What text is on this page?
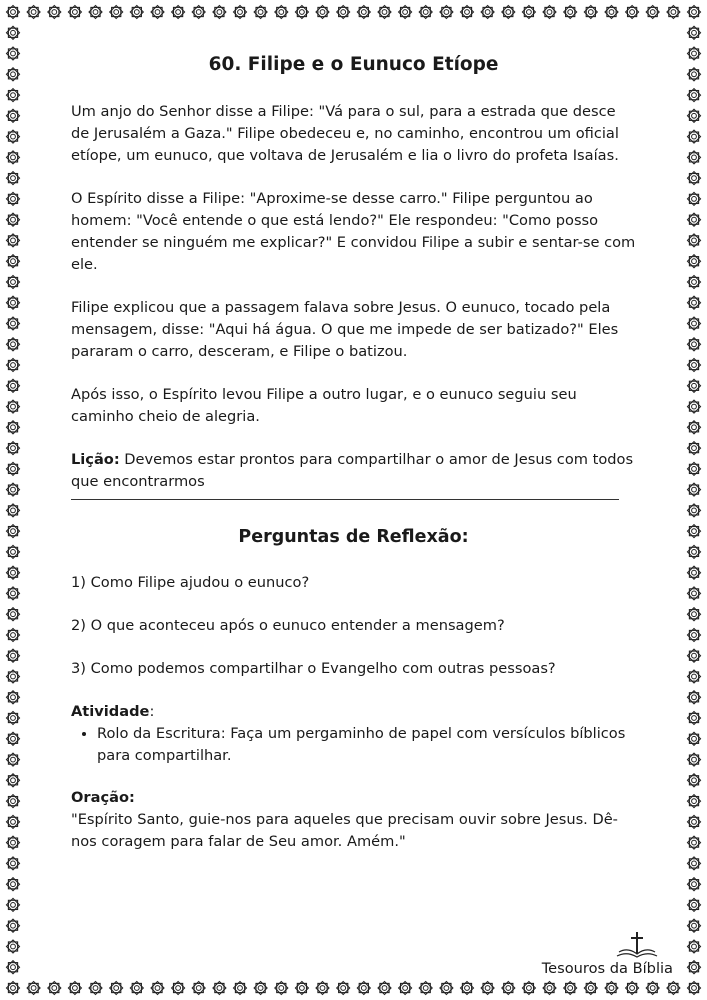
60. Filipe e o Eunuco Etíope

Um anjo do Senhor disse a Filipe: "Vá para o sul, para a estrada que desce de Jerusalém a Gaza." Filipe obedeceu e, no caminho, encontrou um oficial etíope, um eunuco, que voltava de Jerusalém e lia o livro do profeta Isaías.

O Espírito disse a Filipe: "Aproxime-se desse carro." Filipe perguntou ao homem: "Você entende o que está lendo?" Ele respondeu: "Como posso entender se ninguém me explicar?" E convidou Filipe a subir e sentar-se com ele.

Filipe explicou que a passagem falava sobre Jesus. O eunuco, tocado pela mensagem, disse: "Aqui há água. O que me impede de ser batizado?" Eles pararam o carro, desceram, e Filipe o batizou.

Após isso, o Espírito levou Filipe a outro lugar, e o eunuco seguiu seu caminho cheio de alegria.

Lição: Devemos estar prontos para compartilhar o amor de Jesus com todos que encontrarmos

Perguntas de Reflexão:

1) Como Filipe ajudou o eunuco?

2) O que aconteceu após o eunuco entender a mensagem?

3) Como podemos compartilhar o Evangelho com outras pessoas?

Atividade:
• Rolo da Escritura: Faça um pergaminho de papel com versículos bíblicos para compartilhar.
Oração:
"Espírito Santo, guie-nos para aqueles que precisam ouvir sobre Jesus. Dê-nos coragem para falar de Seu amor. Amém."
Tesouros da Bíblia
